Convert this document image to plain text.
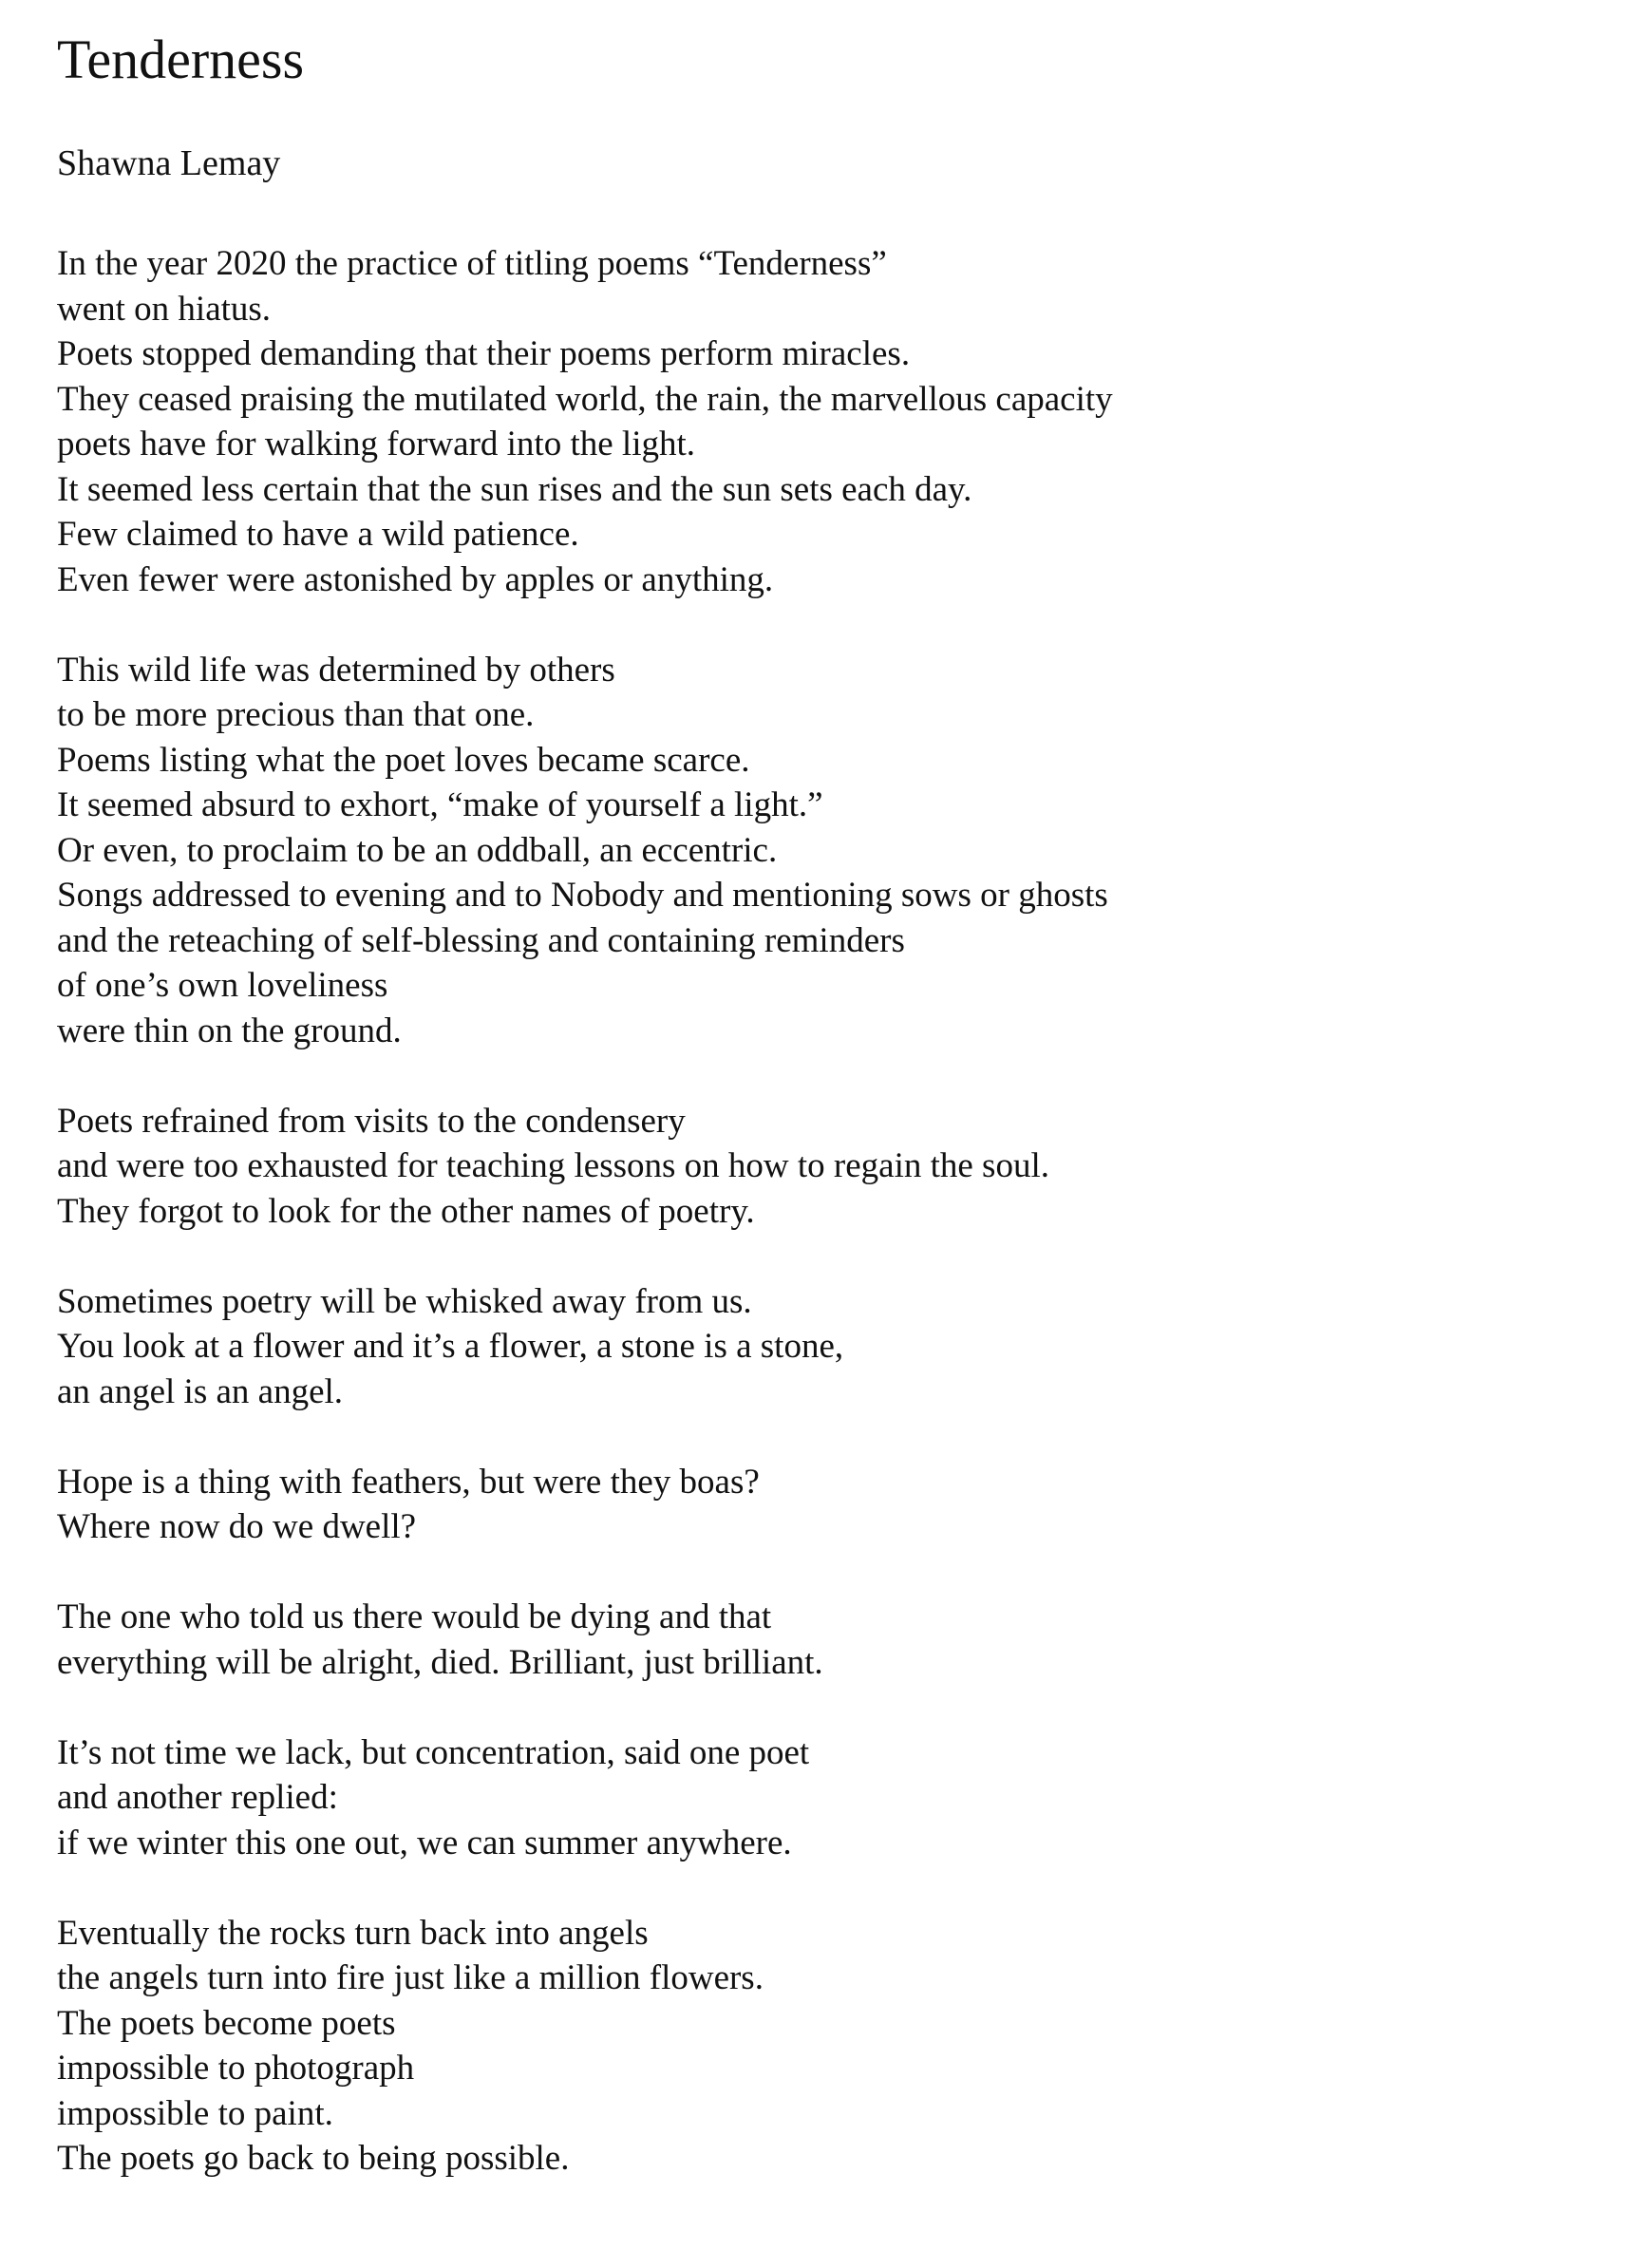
Tenderness

Shawna Lemay

In the year 2020 the practice of titling poems “Tenderness”
went on hiatus.
Poets stopped demanding that their poems perform miracles.
They ceased praising the mutilated world, the rain, the marvellous capacity
poets have for walking forward into the light.
It seemed less certain that the sun rises and the sun sets each day.
Few claimed to have a wild patience.
Even fewer were astonished by apples or anything.
This wild life was determined by others
to be more precious than that one.
Poems listing what the poet loves became scarce.
It seemed absurd to exhort, “make of yourself a light.”
Or even, to proclaim to be an oddball, an eccentric.
Songs addressed to evening and to Nobody and mentioning sows or ghosts
and the reteaching of self-blessing and containing reminders
of one’s own loveliness
were thin on the ground.
Poets refrained from visits to the condensery
and were too exhausted for teaching lessons on how to regain the soul.
They forgot to look for the other names of poetry.
Sometimes poetry will be whisked away from us.
You look at a flower and it’s a flower, a stone is a stone,
an angel is an angel.
Hope is a thing with feathers, but were they boas?
Where now do we dwell?
The one who told us there would be dying and that
everything will be alright, died. Brilliant, just brilliant.
It’s not time we lack, but concentration, said one poet
and another replied:
if we winter this one out, we can summer anywhere.
Eventually the rocks turn back into angels
the angels turn into fire just like a million flowers.
The poets become poets
impossible to photograph
impossible to paint.
The poets go back to being possible.
